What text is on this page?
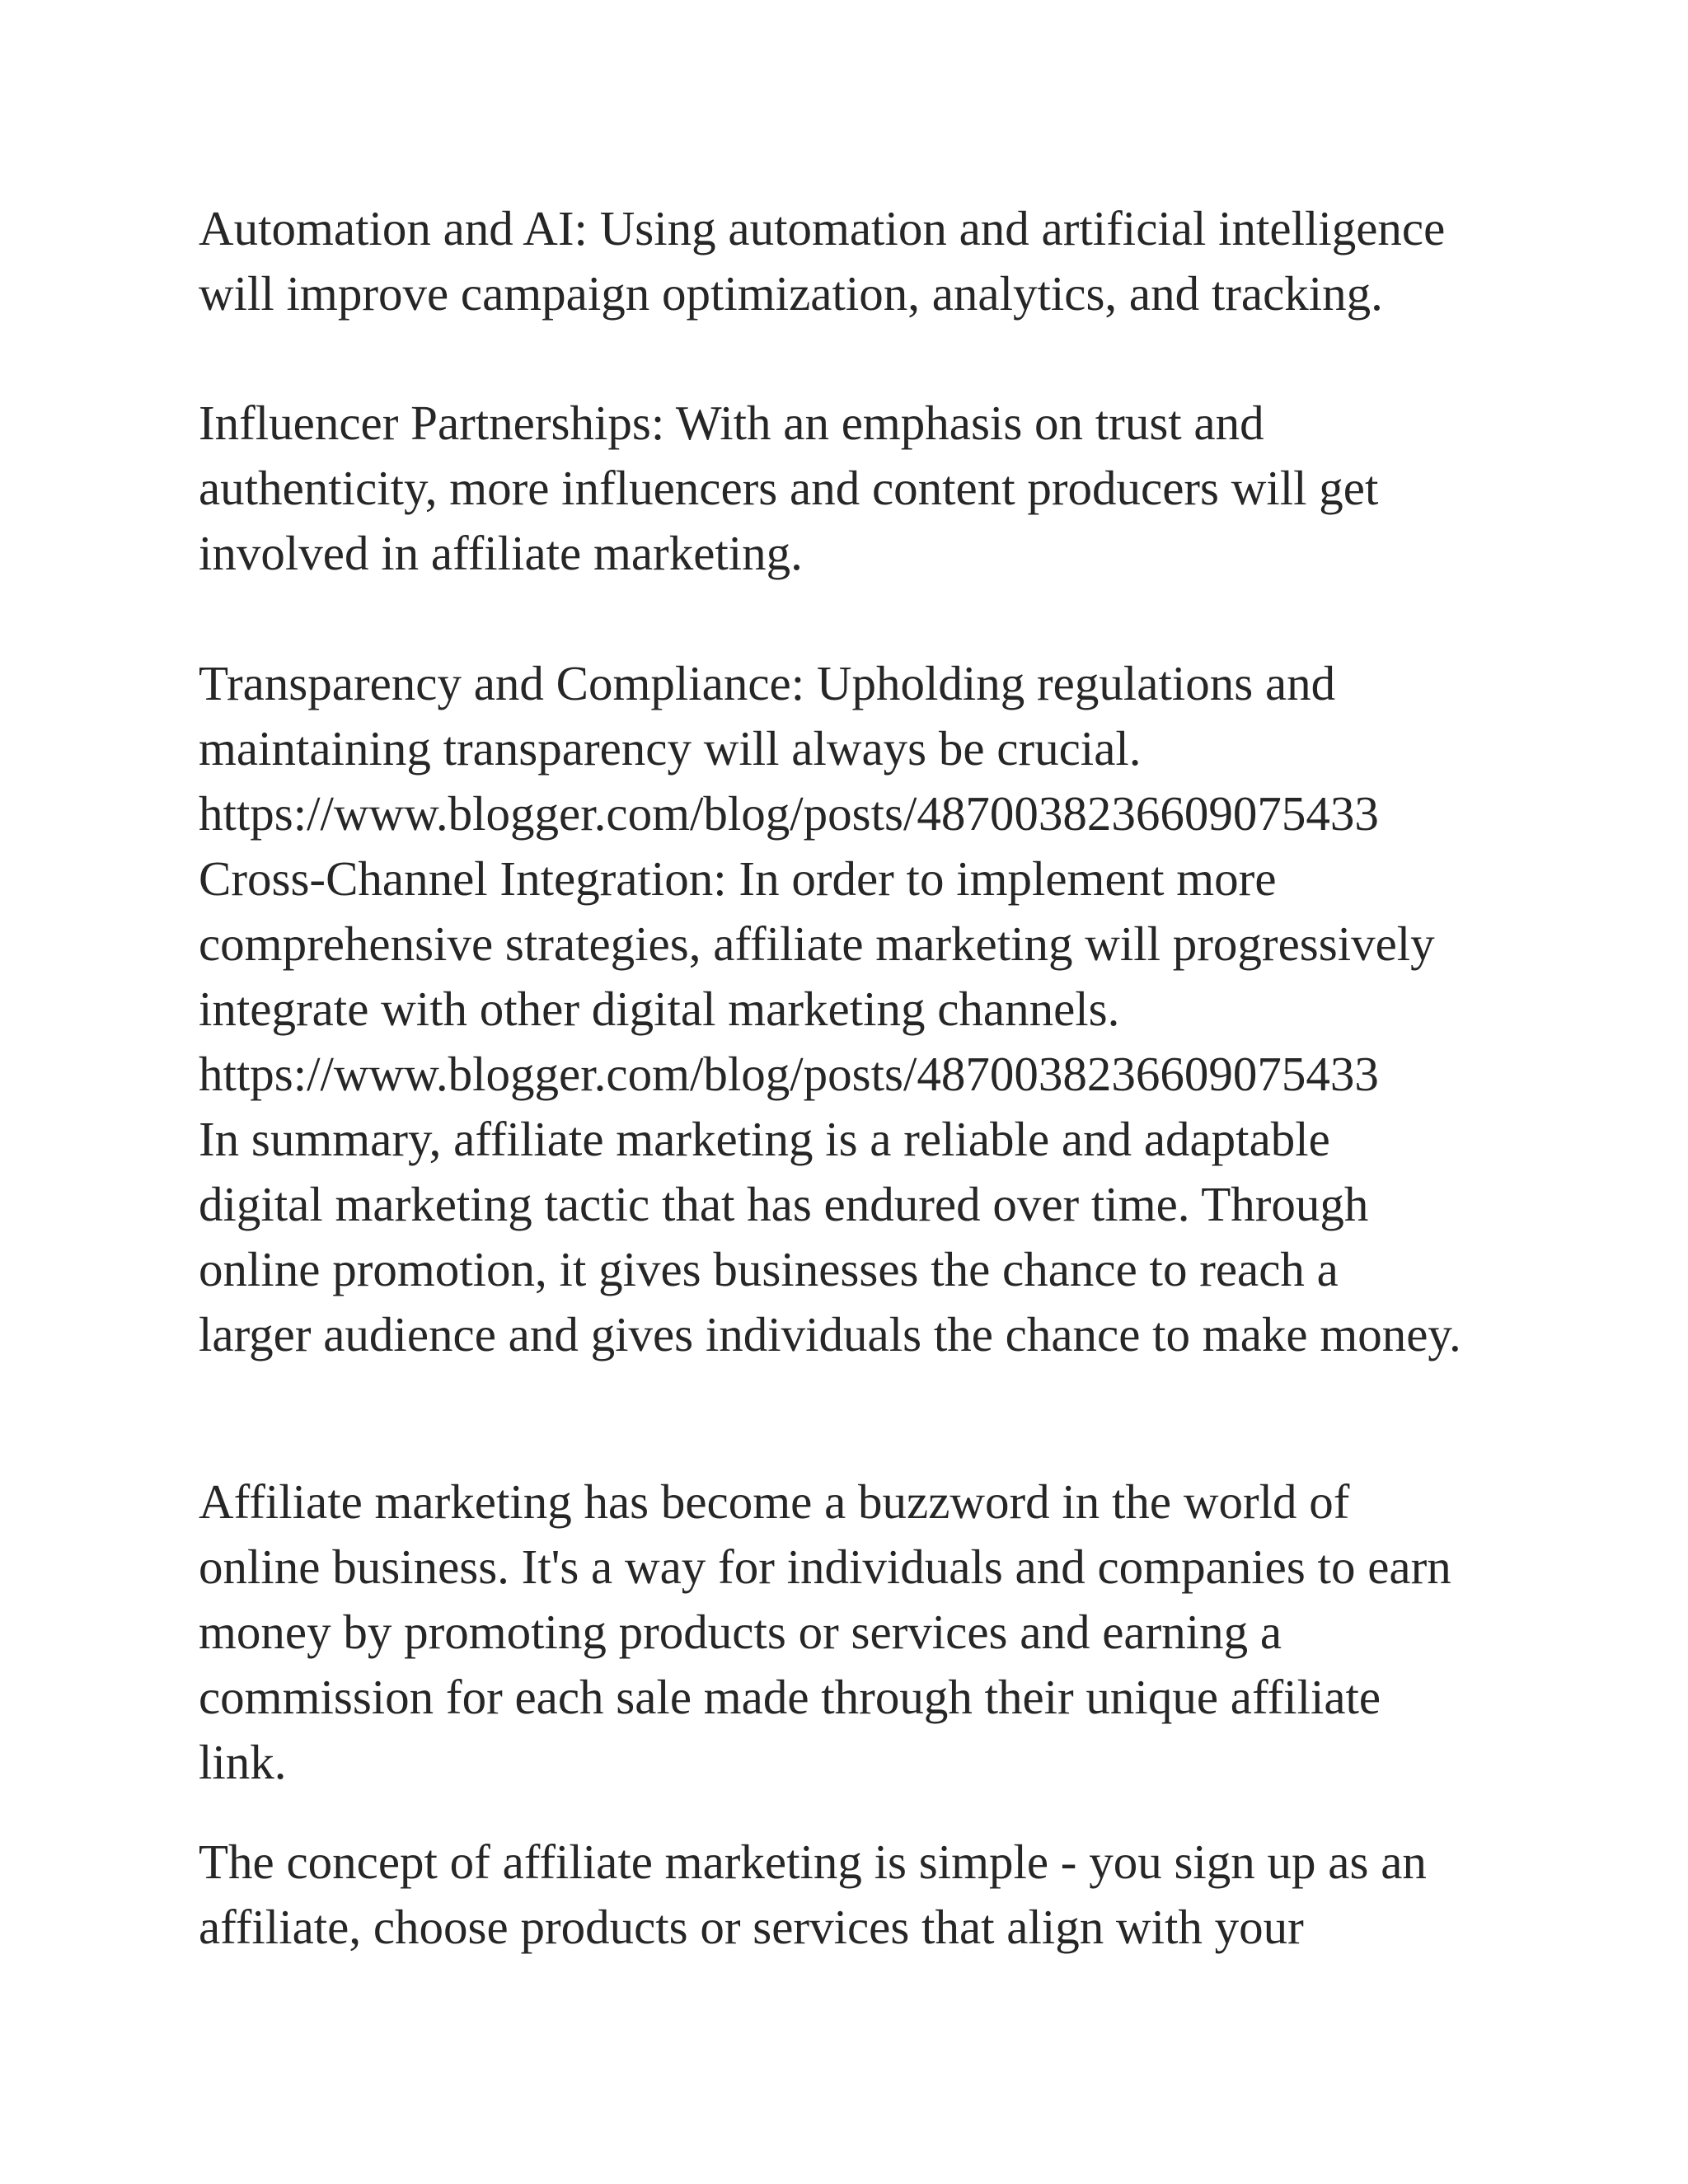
Automation and AI: Using automation and artificial intelligence
will improve campaign optimization, analytics, and tracking.
Influencer Partnerships: With an emphasis on trust and
authenticity, more influencers and content producers will get
involved in affiliate marketing.
Transparency and Compliance: Upholding regulations and
maintaining transparency will always be crucial.
https://www.blogger.com/blog/posts/4870038236609075433
Cross-Channel Integration: In order to implement more
comprehensive strategies, affiliate marketing will progressively
integrate with other digital marketing channels.
https://www.blogger.com/blog/posts/4870038236609075433
In summary, affiliate marketing is a reliable and adaptable
digital marketing tactic that has endured over time. Through
online promotion, it gives businesses the chance to reach a
larger audience and gives individuals the chance to make money.
Affiliate marketing has become a buzzword in the world of
online business. It's a way for individuals and companies to earn
money by promoting products or services and earning a
commission for each sale made through their unique affiliate
link.
The concept of affiliate marketing is simple - you sign up as an
affiliate, choose products or services that align with your
